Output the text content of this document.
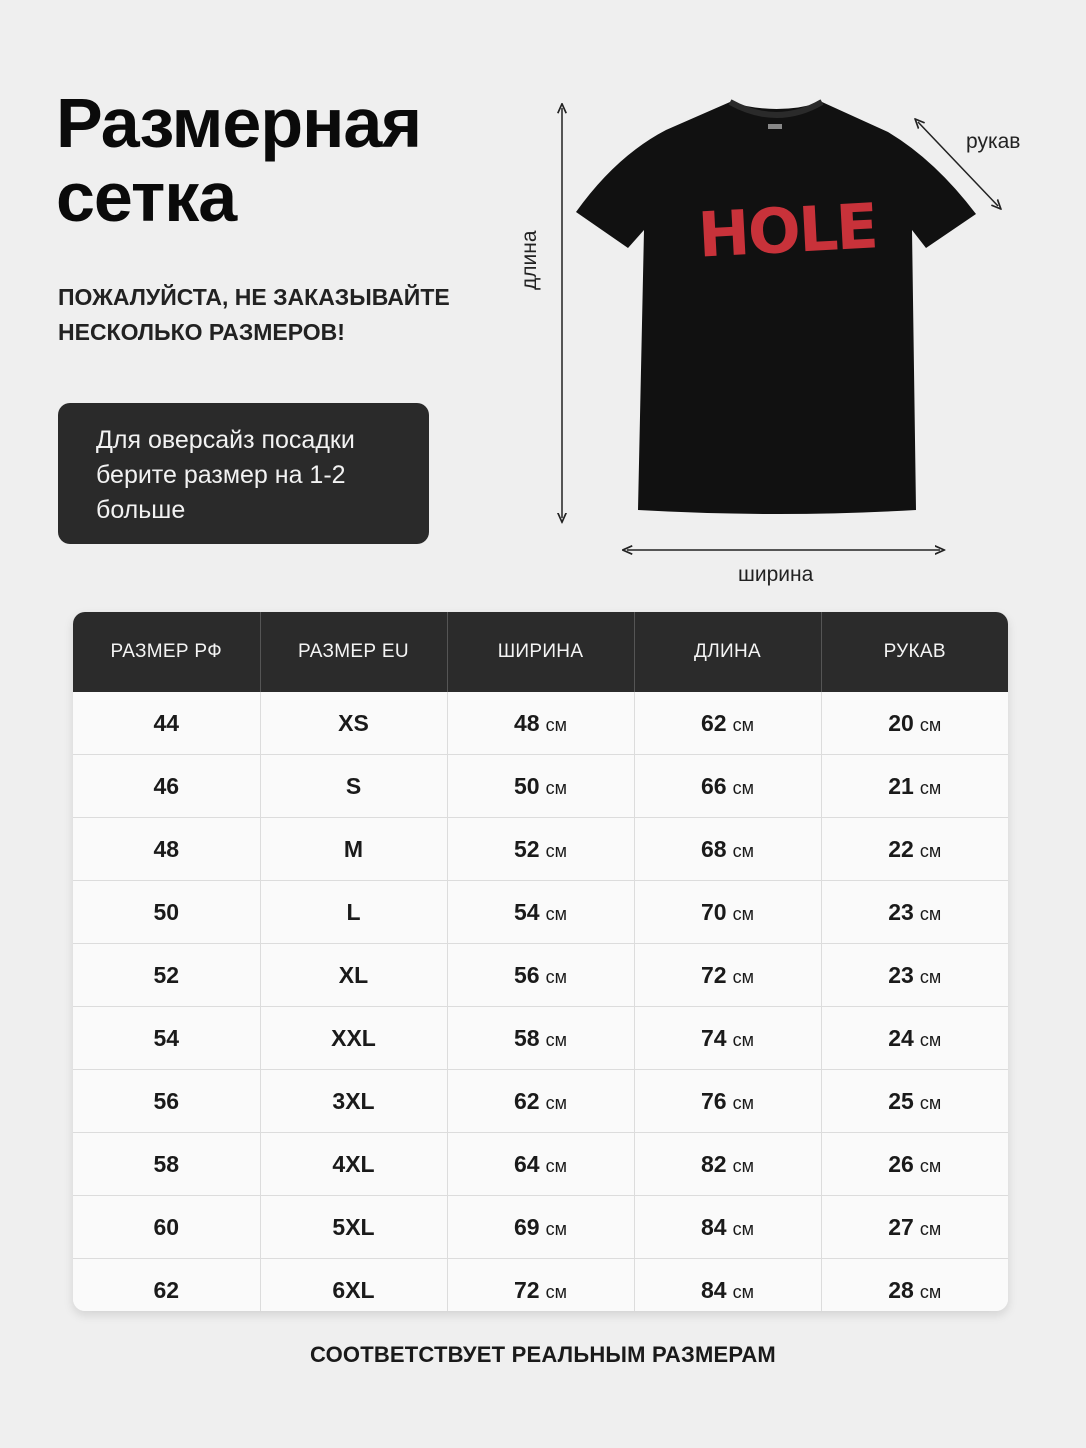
Размерная
сетка
ПОЖАЛУЙСТА, НЕ ЗАКАЗЫВАЙТЕ
НЕСКОЛЬКО РАЗМЕРОВ!
Для оверсайз посадки
берите размер на 1-2
больше
HOLE
длина
ширина
рукав
РАЗМЕР РФ	РАЗМЕР EU	ШИРИНА	ДЛИНА	РУКАВ
44	XS	48 см	62 см	20 см
46	S	50 см	66 см	21 см
48	M	52 см	68 см	22 см
50	L	54 см	70 см	23 см
52	XL	56 см	72 см	23 см
54	XXL	58 см	74 см	24 см
56	3XL	62 см	76 см	25 см
58	4XL	64 см	82 см	26 см
60	5XL	69 см	84 см	27 см
62	6XL	72 см	84 см	28 см
СООТВЕТСТВУЕТ РЕАЛЬНЫМ РАЗМЕРАМ
